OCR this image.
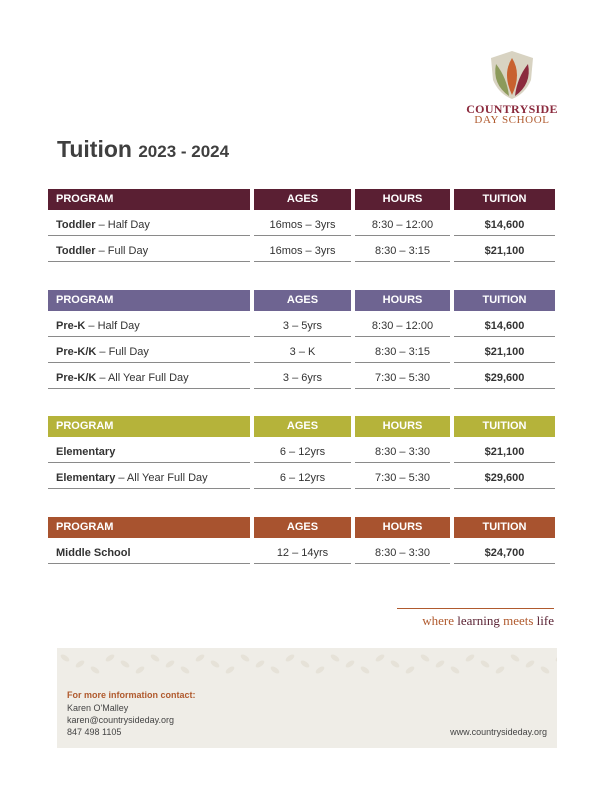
COUNTRYSIDE
DAY SCHOOL
Tuition 2023 - 2024
PROGRAM	AGES	HOURS	TUITION
Toddler – Half Day	16mos – 3yrs	8:30 – 12:00	$14,600
Toddler – Full Day	16mos – 3yrs	8:30 – 3:15	$21,100
PROGRAM	AGES	HOURS	TUITION
Pre-K – Half Day	3 – 5yrs	8:30 – 12:00	$14,600
Pre-K/K – Full Day	3 – K	8:30 – 3:15	$21,100
Pre-K/K – All Year Full Day	3 – 6yrs	7:30 – 5:30	$29,600
PROGRAM	AGES	HOURS	TUITION
Elementary	6 – 12yrs	8:30 – 3:30	$21,100
Elementary – All Year Full Day	6 – 12yrs	7:30 – 5:30	$29,600
PROGRAM	AGES	HOURS	TUITION
Middle School	12 – 14yrs	8:30 – 3:30	$24,700
where learning meets life
For more information contact:
Karen O'Malley
karen@countrysideday.org
847 498 1105	www.countrysideday.org
